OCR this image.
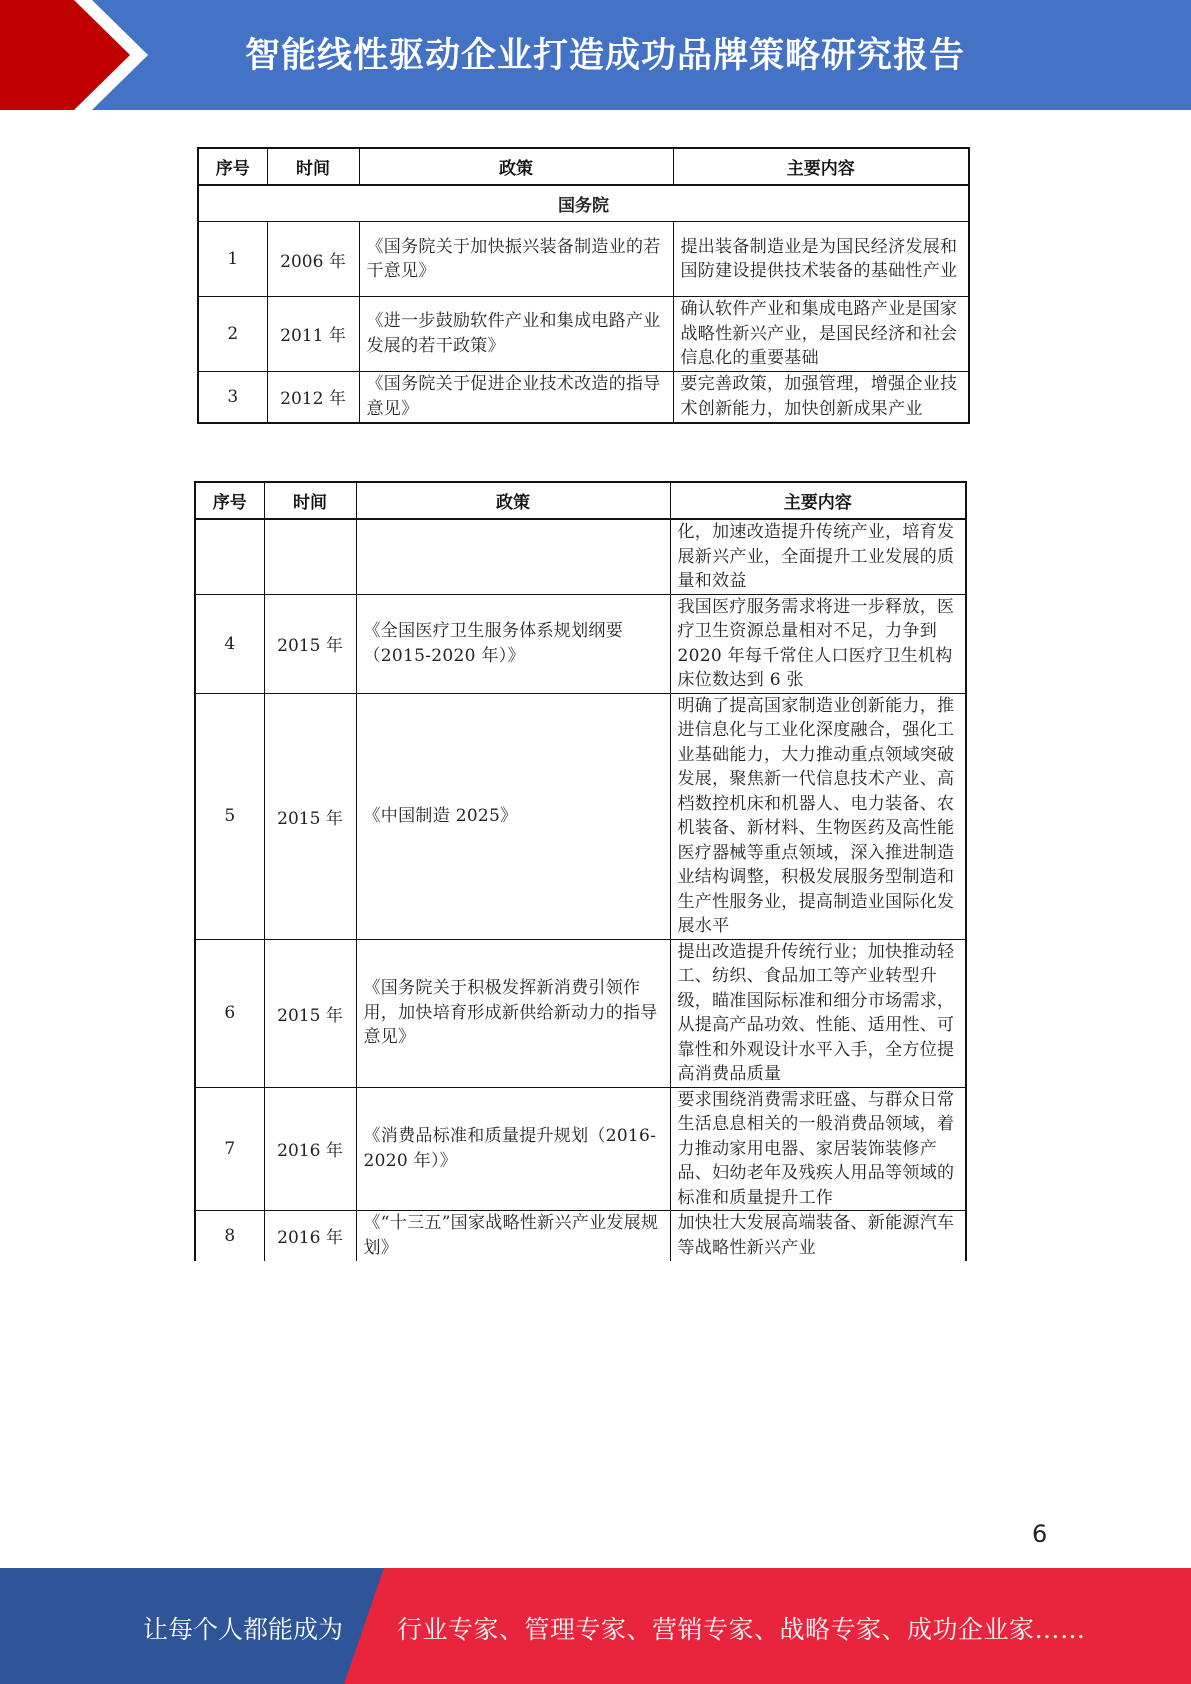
智能线性驱动企业打造成功品牌策略研究报告
序号	时间	政策	主要内容
国务院			
1	2006 年	《国务院关于加快振兴装备制造业的若干意见》	提出装备制造业是为国民经济发展和国防建设提供技术装备的基础性产业
2	2011 年	《进一步鼓励软件产业和集成电路产业发展的若干政策》	确认软件产业和集成电路产业是国家战略性新兴产业，是国民经济和社会信息化的重要基础
3	2012 年	《国务院关于促进企业技术改造的指导意见》	要完善政策，加强管理，增强企业技术创新能力，加快创新成果产业
序号	时间	政策	主要内容
			化，加速改造提升传统产业，培育发展新兴产业，全面提升工业发展的质量和效益
4	2015 年	《全国医疗卫生服务体系规划纲要（2015-2020 年）》	我国医疗服务需求将进一步释放，医疗卫生资源总量相对不足，力争到 2020 年每千常住人口医疗卫生机构床位数达到 6 张
5	2015 年	《中国制造 2025》	明确了提高国家制造业创新能力，推进信息化与工业化深度融合，强化工业基础能力，大力推动重点领域突破发展，聚焦新一代信息技术产业、高档数控机床和机器人、电力装备、农机装备、新材料、生物医药及高性能医疗器械等重点领域，深入推进制造业结构调整，积极发展服务型制造和生产性服务业，提高制造业国际化发展水平
6	2015 年	《国务院关于积极发挥新消费引领作用，加快培育形成新供给新动力的指导意见》	提出改造提升传统行业；加快推动轻工、纺织、食品加工等产业转型升级，瞄准国际标准和细分市场需求，从提高产品功效、性能、适用性、可靠性和外观设计水平入手，全方位提高消费品质量
7	2016 年	《消费品标准和质量提升规划（2016-2020 年）》	要求围绕消费需求旺盛、与群众日常生活息息相关的一般消费品领域，着力推动家用电器、家居装饰装修产品、妇幼老年及残疾人用品等领域的标准和质量提升工作
8	2016 年	《“十三五”国家战略性新兴产业发展规划》	加快壮大发展高端装备、新能源汽车等战略性新兴产业
6
让每个人都能成为 行业专家、管理专家、营销专家、战略专家、成功企业家……
